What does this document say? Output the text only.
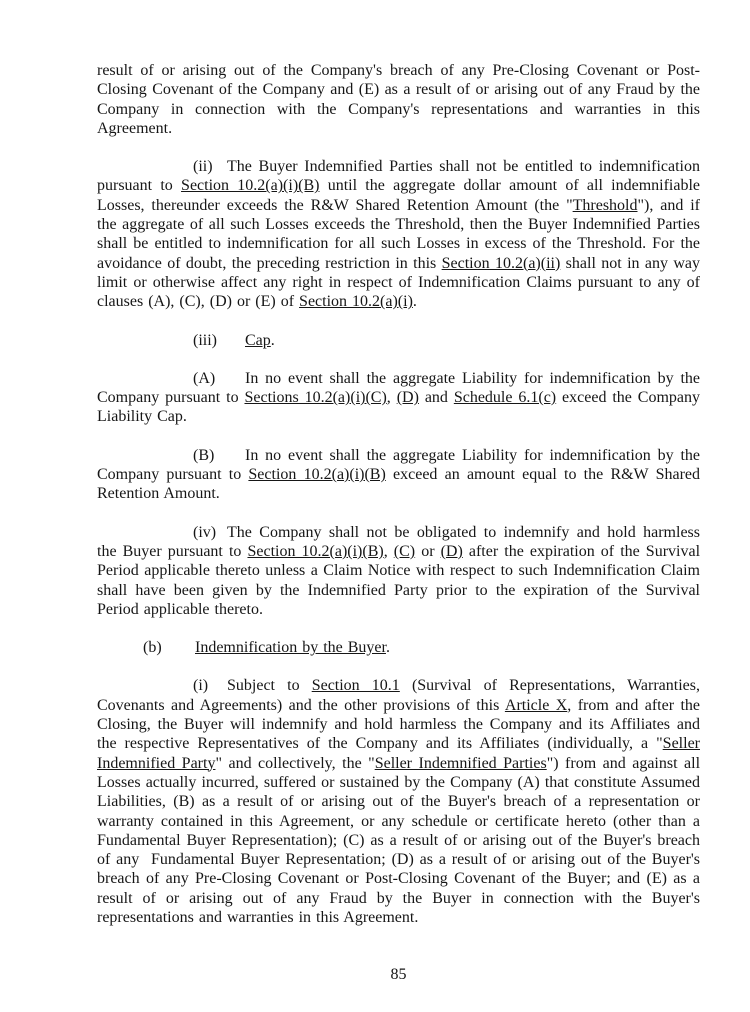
result of or arising out of the Company's breach of any Pre-Closing Covenant or Post-Closing Covenant of the Company and (E) as a result of or arising out of any Fraud by the Company in connection with the Company's representations and warranties in this Agreement.

(ii) The Buyer Indemnified Parties shall not be entitled to indemnification pursuant to Section 10.2(a)(i)(B) until the aggregate dollar amount of all indemnifiable Losses, thereunder exceeds the R&W Shared Retention Amount (the "Threshold"), and if the aggregate of all such Losses exceeds the Threshold, then the Buyer Indemnified Parties shall be entitled to indemnification for all such Losses in excess of the Threshold. For the avoidance of doubt, the preceding restriction in this Section 10.2(a)(ii) shall not in any way limit or otherwise affect any right in respect of Indemnification Claims pursuant to any of clauses (A), (C), (D) or (E) of Section 10.2(a)(i).

(iii) Cap.

(A) In no event shall the aggregate Liability for indemnification by the Company pursuant to Sections 10.2(a)(i)(C), (D) and Schedule 6.1(c) exceed the Company Liability Cap.

(B) In no event shall the aggregate Liability for indemnification by the Company pursuant to Section 10.2(a)(i)(B) exceed an amount equal to the R&W Shared Retention Amount.

(iv) The Company shall not be obligated to indemnify and hold harmless the Buyer pursuant to Section 10.2(a)(i)(B), (C) or (D) after the expiration of the Survival Period applicable thereto unless a Claim Notice with respect to such Indemnification Claim shall have been given by the Indemnified Party prior to the expiration of the Survival Period applicable thereto.

(b) Indemnification by the Buyer.

(i) Subject to Section 10.1 (Survival of Representations, Warranties, Covenants and Agreements) and the other provisions of this Article X, from and after the Closing, the Buyer will indemnify and hold harmless the Company and its Affiliates and the respective Representatives of the Company and its Affiliates (individually, a "Seller Indemnified Party" and collectively, the "Seller Indemnified Parties") from and against all Losses actually incurred, suffered or sustained by the Company (A) that constitute Assumed Liabilities, (B) as a result of or arising out of the Buyer's breach of a representation or warranty contained in this Agreement, or any schedule or certificate hereto (other than a Fundamental Buyer Representation); (C) as a result of or arising out of the Buyer's breach of any  Fundamental Buyer Representation; (D) as a result of or arising out of the Buyer's breach of any Pre-Closing Covenant or Post-Closing Covenant of the Buyer; and (E) as a result of or arising out of any Fraud by the Buyer in connection with the Buyer's representations and warranties in this Agreement.

85
